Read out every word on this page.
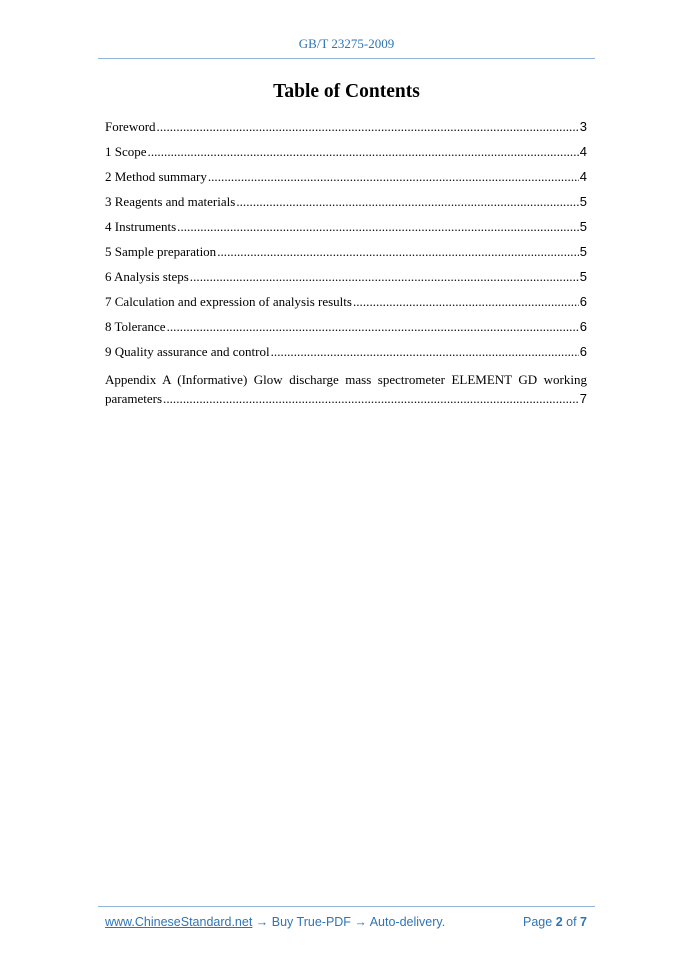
GB/T 23275-2009
Table of Contents
Foreword . . .	3
1 Scope . . .	4
2 Method summary . . .	4
3 Reagents and materials . . .	5
4 Instruments . . .	5
5 Sample preparation . . .	5
6 Analysis steps . . .	5
7 Calculation and expression of analysis results . . .	6
8 Tolerance . . .	6
9 Quality assurance and control . . .	6
Appendix A (Informative) Glow discharge mass spectrometer ELEMENT GD working
parameters . . .	7
www.ChineseStandard.net → Buy True-PDF → Auto-delivery.	Page 2 of 7
